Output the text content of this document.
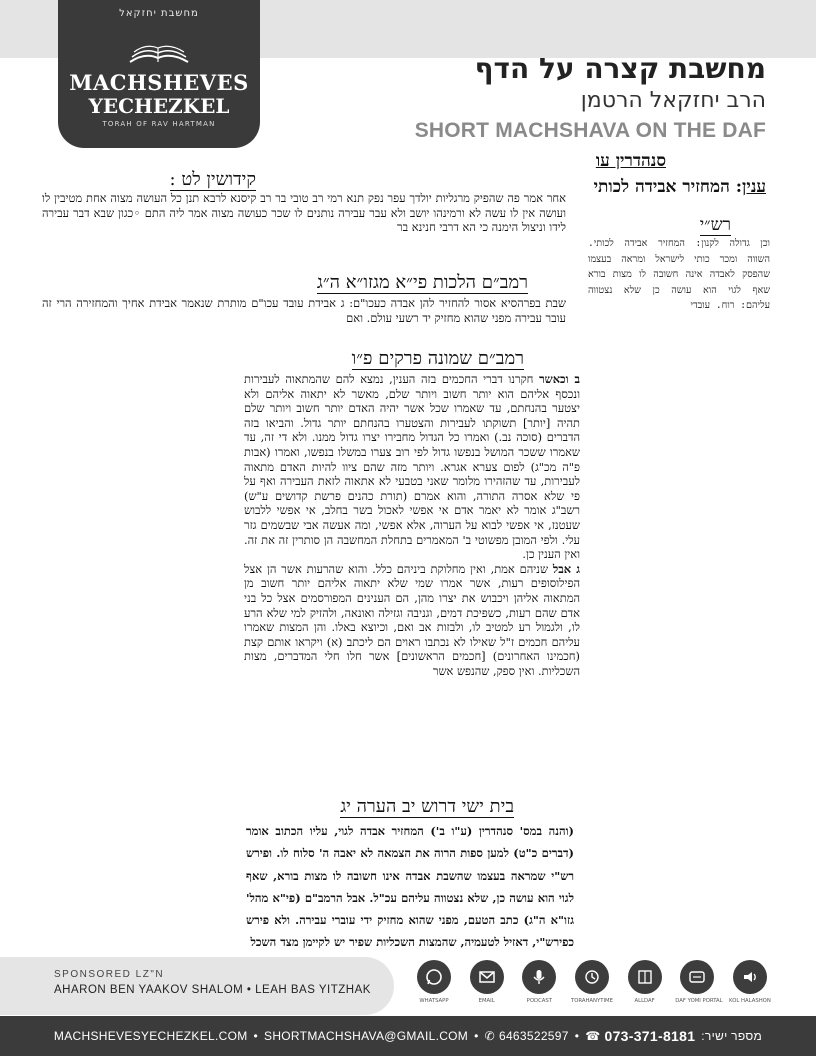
מחשבת יחזקאל
MACHSHEVES
YECHEZKEL
TORAH OF RAV HARTMAN
מחשבת קצרה על הדף
הרב יחזקאל הרטמן
SHORT MACHSHAVA ON THE DAF
סנהדרין עו
ענין: המחזיר אבידה לכותי
קידושין לט :
אחר אמר פה שהפיק מרגליות יולדך עפר נפק תנא רמי רב טובי בר רב קיסנא לרבא תנן כל העושה מצוה אחת מטיבין לו ועושה אין לו עשה לא ורמינהו יושב ולא עבר עבירה נותנים לו שכר כעושה מצוה אמר ליה התם ◦כגון שבא דבר עבירה לידו וניצול הימנה כי הא דרבי חנינא בר	רש״י
וכן גדולה לקנון: המחזיר אבידה לכותי. השווה ומכר כותי לישראל ומראה בעצמו שהפסק לאבדה אינה חשובה לו מצות בורא שאף לגוי הוא עושה כן שלא נצטווה עליהם: רוח. עובדי
רמב״ם הלכות פי״א מגזו״א ה״ג
שבת בפרהסיא אסור להחזיר להן אבדה כעכו"ם: ג אבידת עובד עכו"ם מותרת שנאמר אבידת אחיך והמחזירה הרי זה עובר עבירה מפני שהוא מחזיק יד רשעי עולם. ואם
רמב״ם שמונה פרקים פ״ו

ב וכאשר חקרנו דברי החכמים בזה הענין, נמצא להם שהמתאוה לעבירות ונכסף אליהם הוא יותר חשוב ויותר שלם, מאשר לא יתאוה אליהם ולא יצטער בהנחתם, עד שאמרו שכל אשר יהיה האדם יותר חשוב ויותר שלם תהיה [יותר] תשוקתו לעבירות והצטערו בהנחתם יותר גדול. והביאו בזה הדברים (סוכה נב.) ואמרו כל הגדול מחבירו יצרו גדול ממנו. ולא די זה, עד שאמרו ששכר המושל בנפשו גדול לפי רוב צערו במשלו בנפשו, ואמרו (אבות פ"ה מכ"ג) לפום צערא אגרא. ויותר מזה שהם ציוו להיות האדם מתאוה לעבירות, עד שהזהירו מלומר שאני בטבעי לא אתאוה לזאת העבירה ואף על פי שלא אסרה התורה, והוא אמרם (תורת כהנים פרשת קדושים ע"ש) רשב"ג אומר לא יאמר אדם אי אפשי לאכול בשר בחלב, אי אפשי ללבוש שעטנז, אי אפשי לבוא על הערוה, אלא אפשי, ומה אעשה אבי שבשמים גזר עלי. ולפי המובן מפשוטי ב' המאמרים בתחלת המחשבה הן סותרין זה את זה. ואין הענין כן.

ג אבל שניהם אמת, ואין מחלוקת ביניהם כלל. והוא שהרעות אשר הן אצל הפילוסופים רעות, אשר אמרו שמי שלא יתאוה אליהם יותר חשוב מן המתאוה אליהן ויכבוש את יצרו מהן, הם הענינים המפורסמים אצל כל בני אדם שהם רעות, כשפיכת דמים, וגניבה וגזילה ואונאה, ולהזיק למי שלא הרע לו, ולגמול רע למטיב לו, ולבזות אב ואם, וכיוצא באלו. והן המצות שאמרו עליהם חכמים ז"ל שאילו לא נכתבו ראוים הם ליכתב (א) ויקראו אותם קצת (חכמינו האחרונים) [חכמים הראשונים] אשר חלו חלי המדברים, מצות השכליות. ואין ספק, שהנפש אשר

בית ישי דרוש יב הערה יג
(והנה במס' סנהדרין (ע"ו ב') המחזיר אבדה לגוי, עליו הכתוב אומר (דברים כ"ט) למען ספות הרוה את הצמאה לא יאבה ה' סלוח לו. ופירש רש"י שמראה בעצמו שהשבת אבדה אינו חשובה לו מצות בורא, שאף לגוי הוא עושה כן, שלא נצטווה עליהם עכ"ל. אבל הרמב"ם (פי"א מהל' גזו"א ה"ג) כתב הטעם, מפני שהוא מחזיק ידי עוברי עבירה. ולא פירש כפירש"י, דאזיל לטעמיה, שהמצות השכליות שפיר יש לקיימן מצד השכל
SPONSORED LZ"N
AHARON BEN YAAKOV SHALOM • LEAH BAS YITZHAK
WHATSAPP	EMAIL	PODCAST	TORAHANYTIME	ALLDAF	DAF YOMI PORTAL KOL HALASHON
MACHSHEVESYECHEZKEL.COM • SHORTMACHSHAVA@GMAIL.COM • ✆ 6463522597 • ☎ 073-371-8181 מספר ישיר:
